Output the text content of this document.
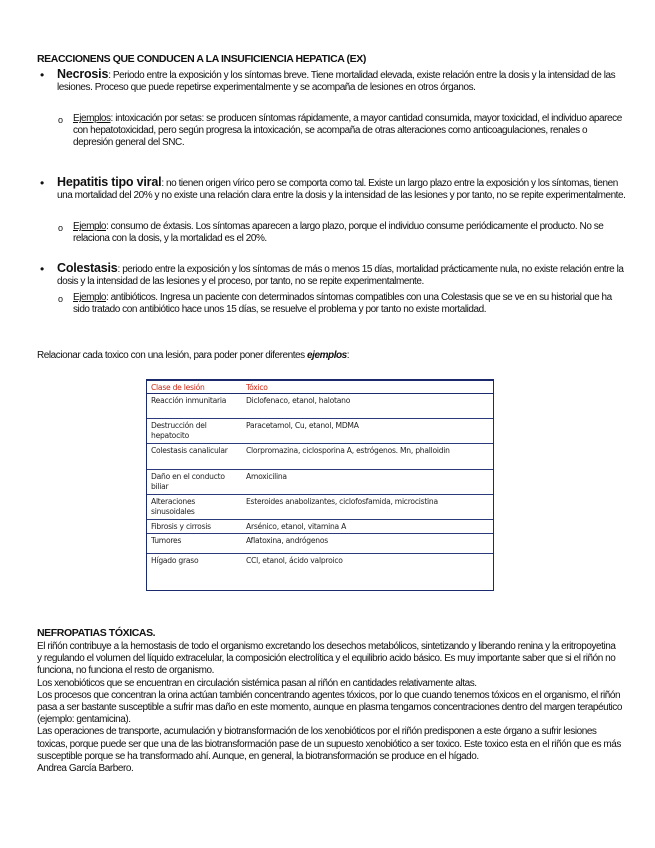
REACCIONENS QUE CONDUCEN A LA INSUFICIENCIA HEPATICA (EX)
• Necrosis: Periodo entre la exposición y los síntomas breve. Tiene mortalidad elevada, existe relación entre la dosis y la intensidad de las lesiones. Proceso que puede repetirse experimentalmente y se acompaña de lesiones en otros órganos.
o Ejemplos: intoxicación por setas: se producen síntomas rápidamente, a mayor cantidad consumida, mayor toxicidad, el individuo aparece con hepatotoxicidad, pero según progresa la intoxicación, se acompaña de otras alteraciones como anticoagulaciones, renales o depresión general del SNC.
• Hepatitis tipo viral: no tienen origen vírico pero se comporta como tal. Existe un largo plazo entre la exposición y los síntomas, tienen una mortalidad del 20% y no existe una relación clara entre la dosis y la intensidad de las lesiones y por tanto, no se repite experimentalmente.
o Ejemplo: consumo de éxtasis. Los síntomas aparecen a largo plazo, porque el individuo consume periódicamente el producto. No se relaciona con la dosis, y la mortalidad es el 20%.
• Colestasis: periodo entre la exposición y los síntomas de más o menos 15 días, mortalidad prácticamente nula, no existe relación entre la dosis y la intensidad de las lesiones y el proceso, por tanto, no se repite experimentalmente.
o Ejemplo: antibióticos. Ingresa un paciente con determinados síntomas compatibles con una Colestasis que se ve en su historial que ha sido tratado con antibiótico hace unos 15 días, se resuelve el problema y por tanto no existe mortalidad.
Relacionar cada toxico con una lesión, para poder poner diferentes ejemplos:
Clase de lesión	Tóxico
Reacción inmunitaria	Diclofenaco, etanol, halotano
Destrucción del hepatocito	Paracetamol, Cu, etanol, MDMA
Colestasis canalicular	Clorpromazina, ciclosporina A, estrógenos. Mn, phalloidin
Daño en el conducto biliar	Amoxicilina
Alteraciones sinusoidales	Esteroides anabolizantes, ciclofosfamida, microcistina
Fibrosis y cirrosis	Arsénico, etanol, vitamina A
Tumores	Aflatoxina, andrógenos
Hígado graso	CCl, etanol, ácido valproico
NEFROPATIAS TÓXICAS.
El riñón contribuye a la hemostasis de todo el organismo excretando los desechos metabólicos, sintetizando y liberando renina y la eritropoyetina y regulando el volumen del líquido extracelular, la composición electrolítica y el equilibrio acido básico. Es muy importante saber que si el riñón no funciona, no funciona el resto de organismo.
Los xenobióticos que se encuentran en circulación sistémica pasan al riñón en cantidades relativamente altas.
Los procesos que concentran la orina actúan también concentrando agentes tóxicos, por lo que cuando tenemos tóxicos en el organismo, el riñón pasa a ser bastante susceptible a sufrir mas daño en este momento, aunque en plasma tengamos concentraciones dentro del margen terapéutico (ejemplo: gentamicina).
Las operaciones de transporte, acumulación y biotransformación de los xenobióticos por el riñón predisponen a este órgano a sufrir lesiones toxicas, porque puede ser que una de las biotransformación pase de un supuesto xenobiótico a ser toxico. Este toxico esta en el riñón que es más susceptible porque se ha transformado ahí. Aunque, en general, la biotransformación se produce en el hígado.
Andrea García Barbero.
